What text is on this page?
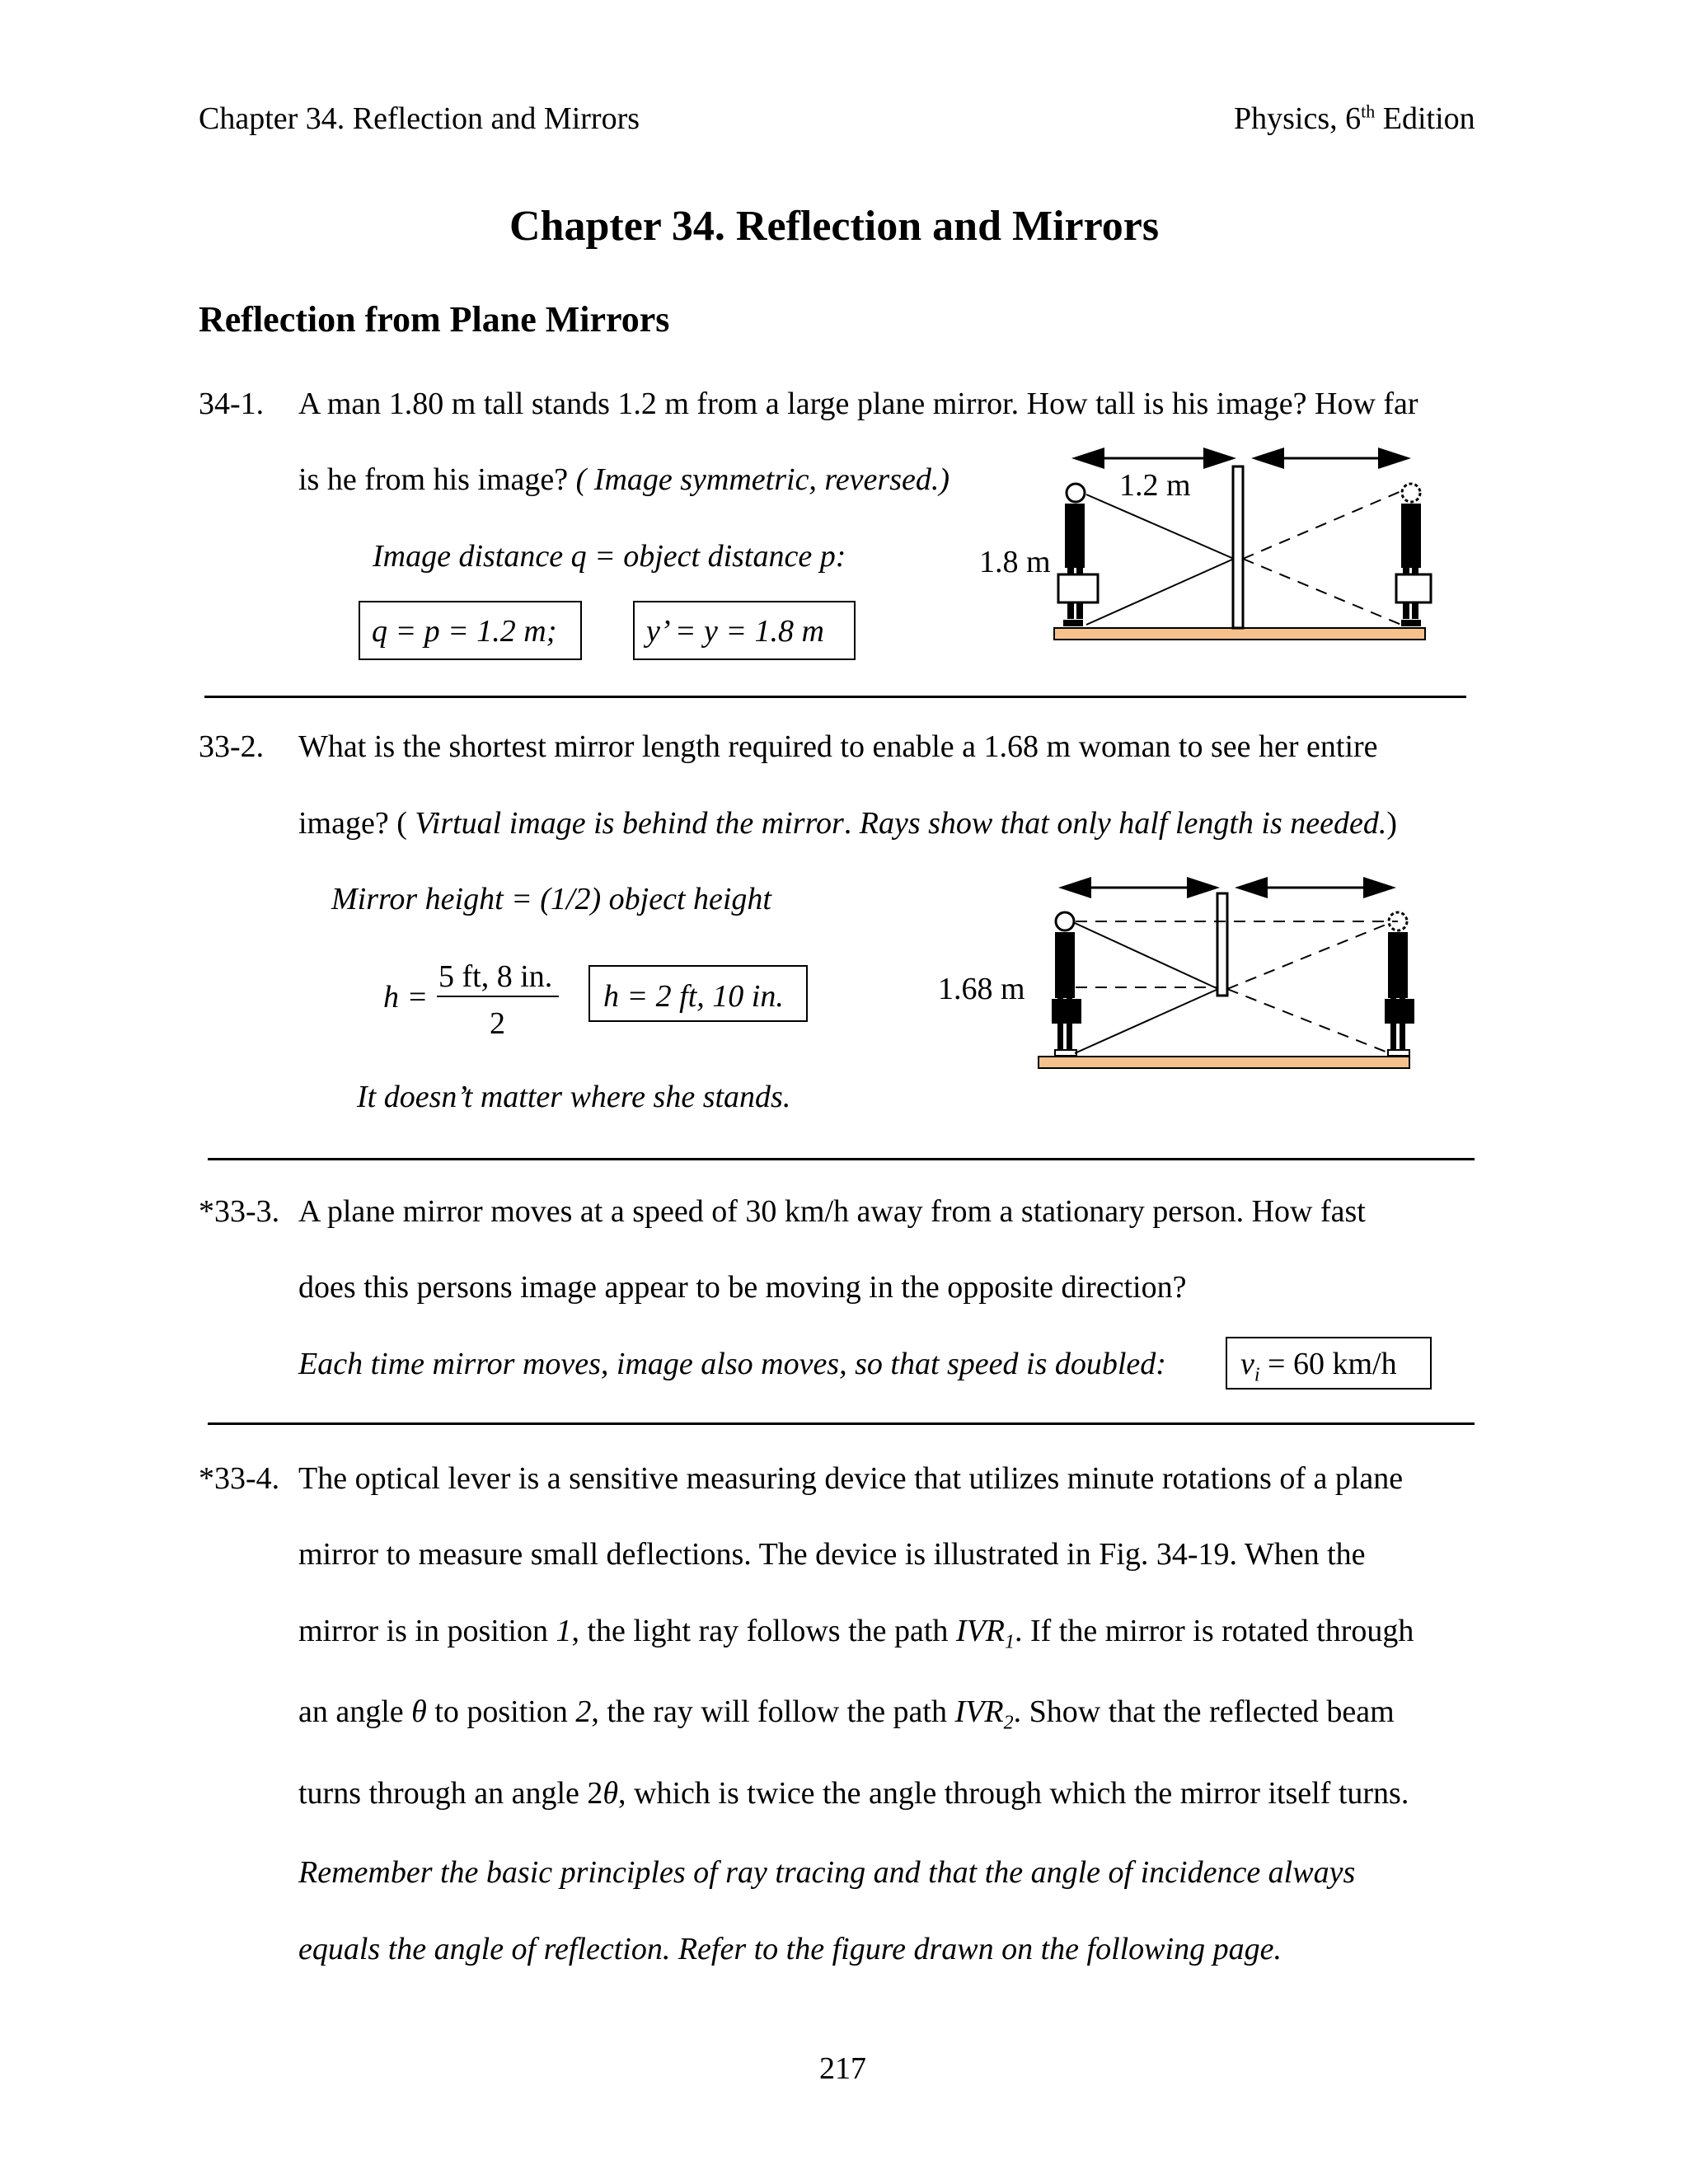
Chapter 34. Reflection and Mirrors	Physics, 6th Edition
Chapter 34. Reflection and Mirrors
Reflection from Plane Mirrors
34-1. A man 1.80 m tall stands 1.2 m from a large plane mirror. How tall is his image? How far
is he from his image? ( Image symmetric, reversed.)
Image distance q = object distance p:
q = p = 1.2 m;	y’ = y = 1.8 m
1.2 m
1.8 m
33-2. What is the shortest mirror length required to enable a 1.68 m woman to see her entire
image? ( Virtual image is behind the mirror. Rays show that only half length is needed.)
Mirror height = (1/2) object height
h =
5 ft, 8 in.
2
h = 2 ft, 10 in.
It doesn’t matter where she stands.
1.68 m
*33-3. A plane mirror moves at a speed of 30 km/h away from a stationary person. How fast
does this persons image appear to be moving in the opposite direction?
Each time mirror moves, image also moves, so that speed is doubled: $v_i = 60$ km/h
*33-4. The optical lever is a sensitive measuring device that utilizes minute rotations of a plane
mirror to measure small deflections. The device is illustrated in Fig. 34-19. When the
mirror is in position 1, the light ray follows the path $IVR_1$. If the mirror is rotated through
an angle θ to position 2, the ray will follow the path $IVR_2$. Show that the reflected beam
turns through an angle 2θ, which is twice the angle through which the mirror itself turns.
Remember the basic principles of ray tracing and that the angle of incidence always
equals the angle of reflection. Refer to the figure drawn on the following page.
217
